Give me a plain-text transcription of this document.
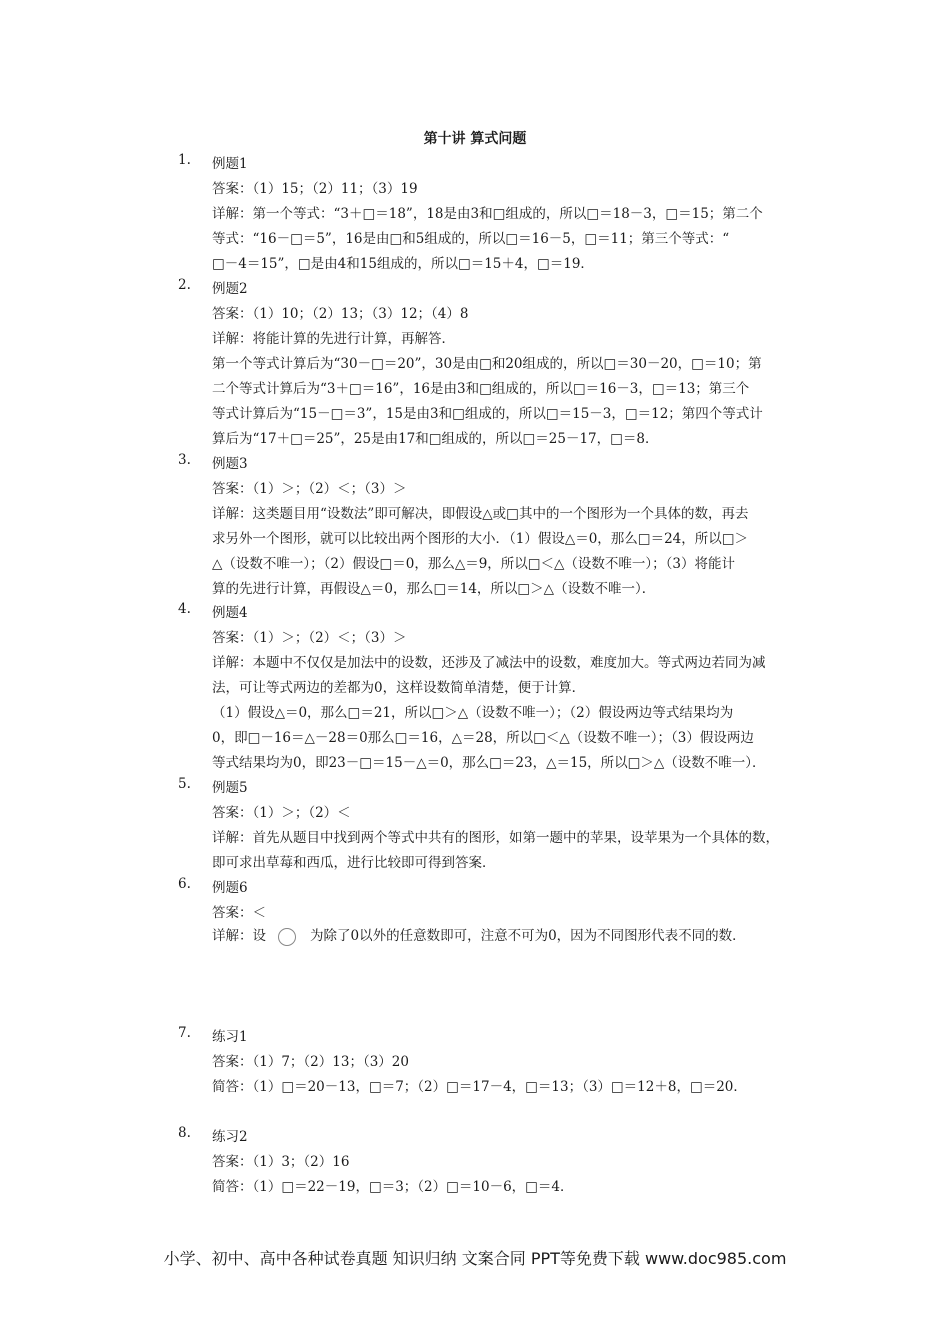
第十讲 算式问题
1. 例题1
答案：（1）15；（2）11；（3）19
详解：第一个等式：“3＋□＝18”，18是由3和□组成的，所以□＝18－3，□＝15；第二个
等式：“16－□＝5”，16是由□和5组成的，所以□＝16－5，□＝11；第三个等式：“
□－4＝15”，□是由4和15组成的，所以□＝15＋4，□＝19．
2. 例题2
答案：（1）10；（2）13；（3）12；（4）8
详解：将能计算的先进行计算，再解答．
第一个等式计算后为“30－□＝20”，30是由□和20组成的，所以□＝30－20，□＝10；第
二个等式计算后为“3＋□＝16”，16是由3和□组成的，所以□＝16－3，□＝13；第三个
等式计算后为“15－□＝3”，15是由3和□组成的，所以□＝15－3，□＝12；第四个等式计
算后为“17＋□＝25”，25是由17和□组成的，所以□＝25－17，□＝8．
3. 例题3
答案：（1）＞；（2）＜；（3）＞
详解：这类题目用“设数法”即可解决，即假设△或□其中的一个图形为一个具体的数，再去
求另外一个图形，就可以比较出两个图形的大小．（1）假设△＝0，那么□＝24，所以□＞
△（设数不唯一）；（2）假设□＝0，那么△＝9，所以□＜△（设数不唯一）；（3）将能计
算的先进行计算，再假设△＝0，那么□＝14，所以□＞△（设数不唯一）．
4. 例题4
答案：（1）＞；（2）＜；（3）＞
详解：本题中不仅仅是加法中的设数，还涉及了减法中的设数，难度加大。等式两边若同为减
法，可让等式两边的差都为0，这样设数简单清楚，便于计算．
（1）假设△＝0，那么□＝21，所以□＞△（设数不唯一）；（2）假设两边等式结果均为
0，即□－16＝△－28＝0那么□＝16，△＝28，所以□＜△（设数不唯一）；（3）假设两边
等式结果均为0，即23－□＝15－△＝0，那么□＝23，△＝15，所以□＞△（设数不唯一）．
5. 例题5
答案：（1）＞；（2）＜
详解：首先从题目中找到两个等式中共有的图形，如第一题中的苹果，设苹果为一个具体的数，
即可求出草莓和西瓜，进行比较即可得到答案．
6. 例题6
答案：＜
详解：设	为除了0以外的任意数即可，注意不可为0，因为不同图形代表不同的数．
7. 练习1
答案：（1）7；（2）13；（3）20
简答：（1）□＝20－13，□＝7；（2）□＝17－4，□＝13；（3）□＝12＋8，□＝20．
8. 练习2
答案：（1）3；（2）16
简答：（1）□＝22－19，□＝3；（2）□＝10－6，□＝4．
小学、初中、高中各种试卷真题 知识归纳 文案合同 PPT等免费下载 www.doc985.com
